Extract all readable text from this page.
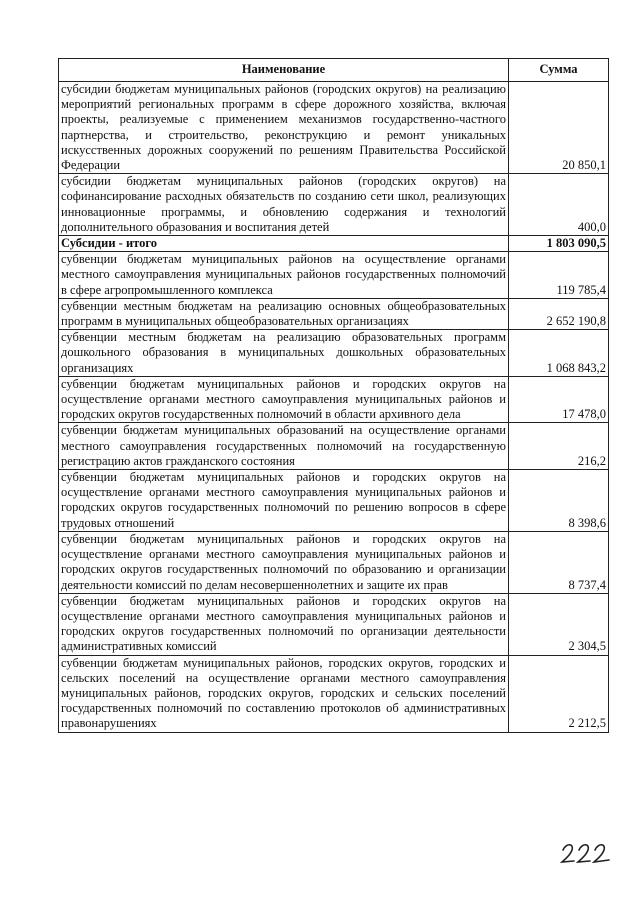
Наименование	Сумма
субсидии бюджетам муниципальных районов (городских округов) на реализацию мероприятий региональных программ в сфере дорожного хозяйства, включая проекты, реализуемые с применением механизмов государственно-частного партнерства, и строительство, реконструкцию и ремонт уникальных искусственных дорожных сооружений по решениям Правительства Российской Федерации	20 850,1
субсидии бюджетам муниципальных районов (городских округов) на софинансирование расходных обязательств по созданию сети школ, реализующих инновационные программы, и обновлению содержания и технологий дополнительного образования и воспитания детей	400,0
Субсидии - итого	1 803 090,5
субвенции бюджетам муниципальных районов на осуществление органами местного самоуправления муниципальных районов государственных полномочий в сфере агропромышленного комплекса	119 785,4
субвенции местным бюджетам на реализацию основных общеобразовательных программ в муниципальных общеобразовательных организациях	2 652 190,8
субвенции местным бюджетам на реализацию образовательных программ дошкольного образования в муниципальных дошкольных образовательных организациях	1 068 843,2
субвенции бюджетам муниципальных районов и городских округов на осуществление органами местного самоуправления муниципальных районов и городских округов государственных полномочий в области архивного дела	17 478,0
субвенции бюджетам муниципальных образований на осуществление органами местного самоуправления государственных полномочий на государственную регистрацию актов гражданского состояния	216,2
субвенции бюджетам муниципальных районов и городских округов на осуществление органами местного самоуправления муниципальных районов и городских округов государственных полномочий по решению вопросов в сфере трудовых отношений	8 398,6
субвенции бюджетам муниципальных районов и городских округов на осуществление органами местного самоуправления муниципальных районов и городских округов государственных полномочий по образованию и организации деятельности комиссий по делам несовершеннолетних и защите их прав	8 737,4
субвенции бюджетам муниципальных районов и городских округов на осуществление органами местного самоуправления муниципальных районов и городских округов государственных полномочий по организации деятельности административных комиссий	2 304,5
субвенции бюджетам муниципальных районов, городских округов, городских и сельских поселений на осуществление органами местного самоуправления муниципальных районов, городских округов, городских и сельских поселений государственных полномочий по составлению протоколов об административных правонарушениях	2 212,5
